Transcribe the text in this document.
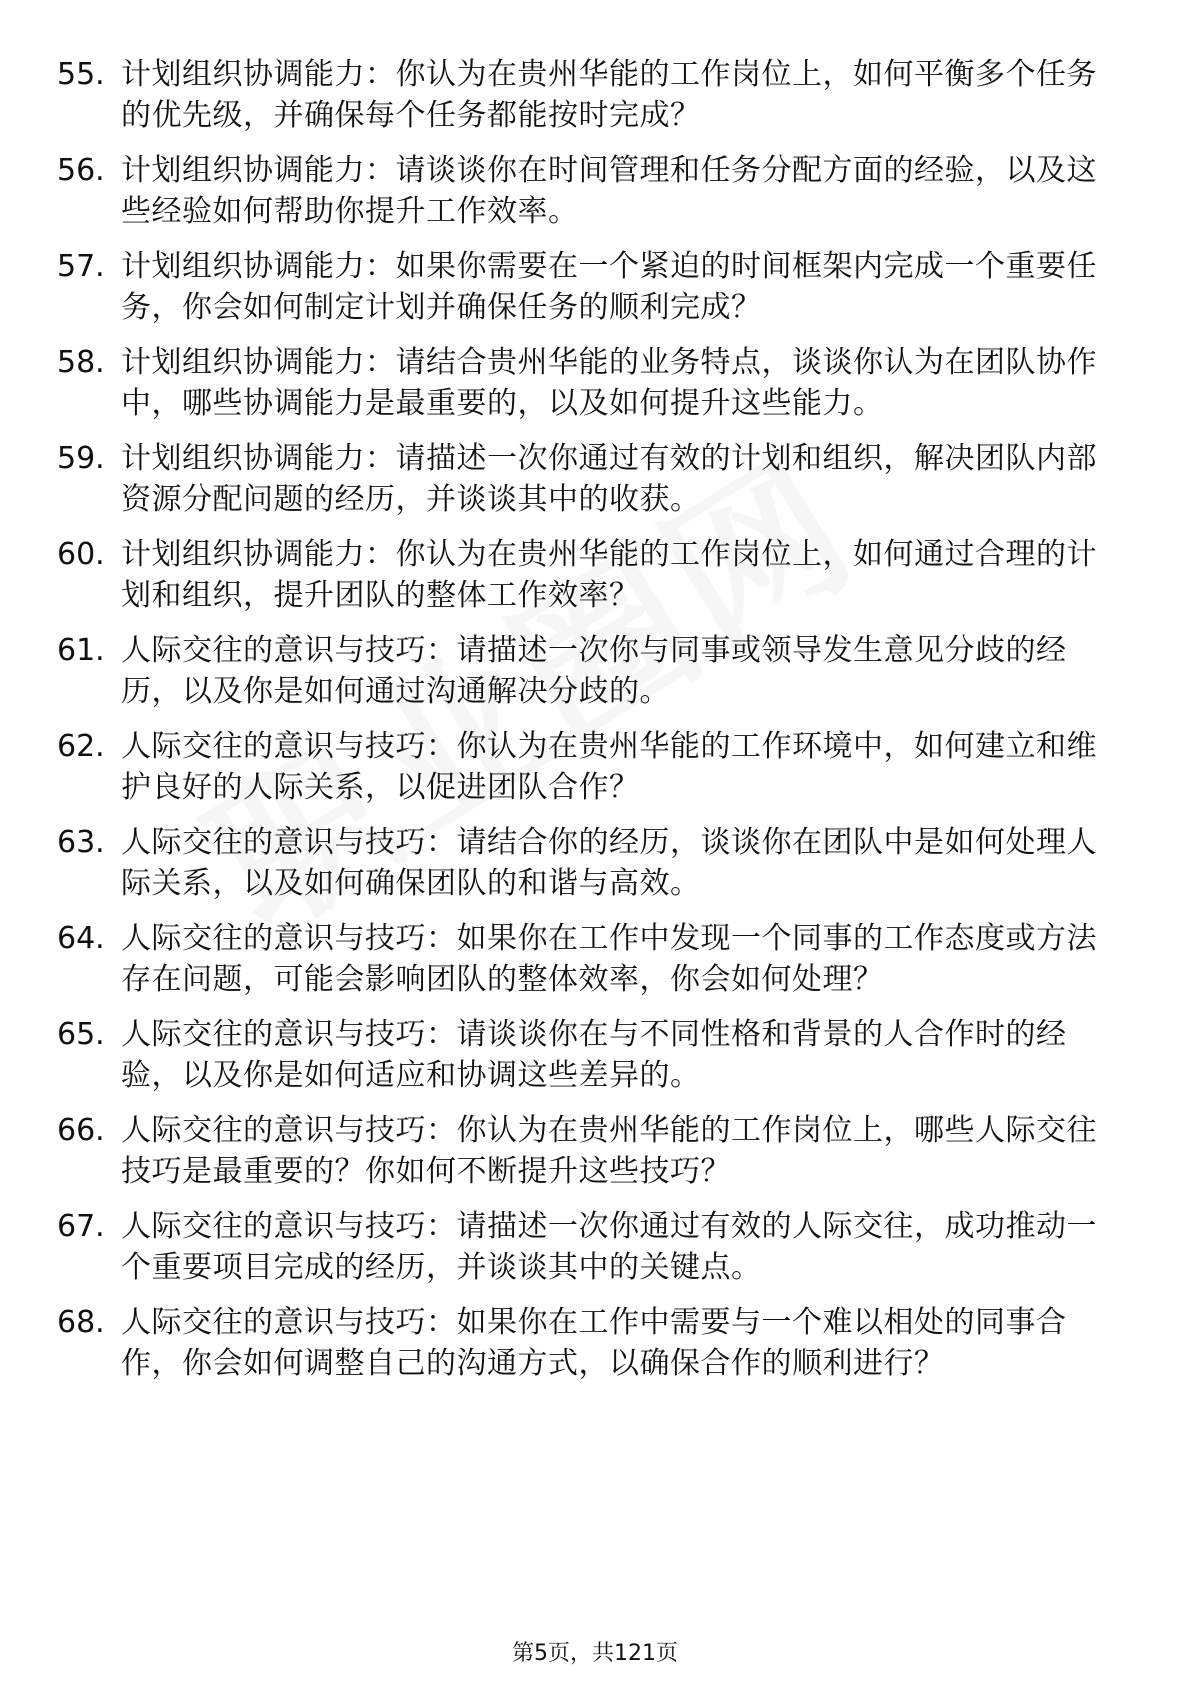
55. 计划组织协调能力：你认为在贵州华能的工作岗位上，如何平衡多个任务的优先级，并确保每个任务都能按时完成？
56. 计划组织协调能力：请谈谈你在时间管理和任务分配方面的经验，以及这些经验如何帮助你提升工作效率。
57. 计划组织协调能力：如果你需要在一个紧迫的时间框架内完成一个重要任务，你会如何制定计划并确保任务的顺利完成？
58. 计划组织协调能力：请结合贵州华能的业务特点，谈谈你认为在团队协作中，哪些协调能力是最重要的，以及如何提升这些能力。
59. 计划组织协调能力：请描述一次你通过有效的计划和组织，解决团队内部资源分配问题的经历，并谈谈其中的收获。
60. 计划组织协调能力：你认为在贵州华能的工作岗位上，如何通过合理的计划和组织，提升团队的整体工作效率？
61. 人际交往的意识与技巧：请描述一次你与同事或领导发生意见分歧的经历，以及你是如何通过沟通解决分歧的。
62. 人际交往的意识与技巧：你认为在贵州华能的工作环境中，如何建立和维护良好的人际关系，以促进团队合作？
63. 人际交往的意识与技巧：请结合你的经历，谈谈你在团队中是如何处理人际关系，以及如何确保团队的和谐与高效。
64. 人际交往的意识与技巧：如果你在工作中发现一个同事的工作态度或方法存在问题，可能会影响团队的整体效率，你会如何处理？
65. 人际交往的意识与技巧：请谈谈你在与不同性格和背景的人合作时的经验，以及你是如何适应和协调这些差异的。
66. 人际交往的意识与技巧：你认为在贵州华能的工作岗位上，哪些人际交往技巧是最重要的？你如何不断提升这些技巧？
67. 人际交往的意识与技巧：请描述一次你通过有效的人际交往，成功推动一个重要项目完成的经历，并谈谈其中的关键点。
68. 人际交往的意识与技巧：如果你在工作中需要与一个难以相处的同事合作，你会如何调整自己的沟通方式，以确保合作的顺利进行？
第5页，共121页
